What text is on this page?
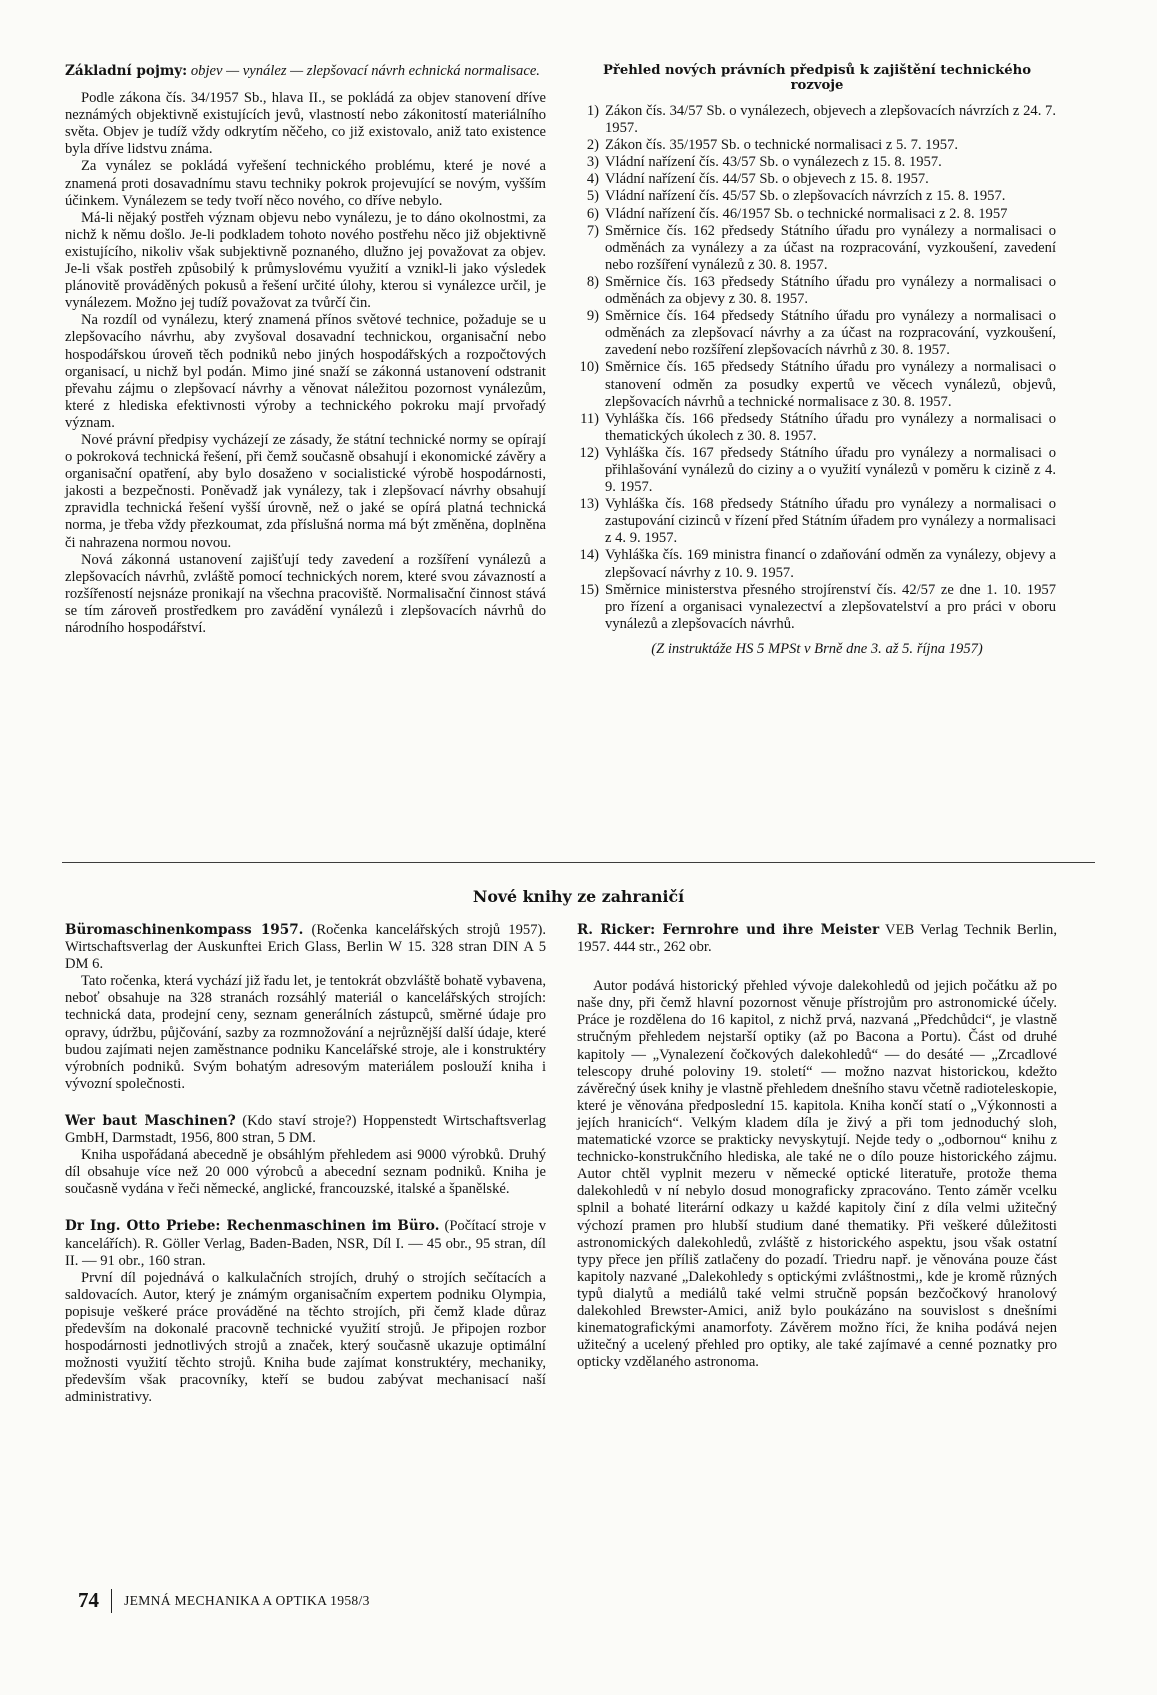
Základní pojmy: objev — vynález — zlepšovací návrh echnická normalisace.

Podle zákona čís. 34/1957 Sb., hlava II., se pokládá za objev stanovení dříve neznámých objektivně existujících jevů, vlastností nebo zákonitostí materiálního světa. Objev je tudíž vždy odkrytím něčeho, co již existovalo, aniž tato existence byla dříve lidstvu známa.

Za vynález se pokládá vyřešení technického problému, které je nové a znamená proti dosavadnímu stavu techniky pokrok projevující se novým, vyšším účinkem. Vynálezem se tedy tvoří něco nového, co dříve nebylo.

Má-li nějaký postřeh význam objevu nebo vynálezu, je to dáno okolnostmi, za nichž k němu došlo. Je-li podkladem tohoto nového postřehu něco již objektivně existujícího, nikoliv však subjektivně poznaného, dlužno jej považovat za objev. Je-li však postřeh způsobilý k průmyslovému využití a vznikl-li jako výsledek plánovitě prováděných pokusů a řešení určité úlohy, kterou si vynálezce určil, je vynálezem. Možno jej tudíž považovat za tvůrčí čin.

Na rozdíl od vynálezu, který znamená přínos světové technice, požaduje se u zlepšovacího návrhu, aby zvyšoval dosavadní technickou, organisační nebo hospodářskou úroveň těch podniků nebo jiných hospodářských a rozpočtových organisací, u nichž byl podán. Mimo jiné snaží se zákonná ustanovení odstranit převahu zájmu o zlepšovací návrhy a věnovat náležitou pozornost vynálezům, které z hlediska efektivnosti výroby a technického pokroku mají prvořadý význam.

Nové právní předpisy vycházejí ze zásady, že státní technické normy se opírají o pokroková technická řešení, při čemž současně obsahují i ekonomické závěry a organisační opatření, aby bylo dosaženo v socialistické výrobě hospodárnosti, jakosti a bezpečnosti. Poněvadž jak vynálezy, tak i zlepšovací návrhy obsahují zpravidla technická řešení vyšší úrovně, než o jaké se opírá platná technická norma, je třeba vždy přezkoumat, zda příslušná norma má být změněna, doplněna či nahrazena normou novou.

Nová zákonná ustanovení zajišťují tedy zavedení a rozšíření vynálezů a zlepšovacích návrhů, zvláště pomocí technických norem, které svou závazností a rozšířeností nejsnáze pronikají na všechna pracoviště. Normalisační činnost stává se tím zároveň prostředkem pro zavádění vynálezů i zlepšovacích návrhů do národního hospodářství.

Přehled nových právních předpisů k zajištění technického rozvoje
1) Zákon čís. 34/57 Sb. o vynálezech, objevech a zlepšovacích návrzích z 24. 7. 1957.
2) Zákon čís. 35/1957 Sb. o technické normalisaci z 5. 7. 1957.
3) Vládní nařízení čís. 43/57 Sb. o vynálezech z 15. 8. 1957.
4) Vládní nařízení čís. 44/57 Sb. o objevech z 15. 8. 1957.
5) Vládní nařízení čís. 45/57 Sb. o zlepšovacích návrzích z 15. 8. 1957.
6) Vládní nařízení čís. 46/1957 Sb. o technické normalisaci z 2. 8. 1957
7) Směrnice čís. 162 předsedy Státního úřadu pro vynálezy a normalisaci o odměnách za vynálezy a za účast na rozpracování, vyzkoušení, zavedení nebo rozšíření vynálezů z 30. 8. 1957.
8) Směrnice čís. 163 předsedy Státního úřadu pro vynálezy a normalisaci o odměnách za objevy z 30. 8. 1957.
9) Směrnice čís. 164 předsedy Státního úřadu pro vynálezy a normalisaci o odměnách za zlepšovací návrhy a za účast na rozpracování, vyzkoušení, zavedení nebo rozšíření zlepšovacích návrhů z 30. 8. 1957.
10) Směrnice čís. 165 předsedy Státního úřadu pro vynálezy a normalisaci o stanovení odměn za posudky expertů ve věcech vynálezů, objevů, zlepšovacích návrhů a technické normalisace z 30. 8. 1957.
11) Vyhláška čís. 166 předsedy Státního úřadu pro vynálezy a normalisaci o thematických úkolech z 30. 8. 1957.
12) Vyhláška čís. 167 předsedy Státního úřadu pro vynálezy a normalisaci o přihlašování vynálezů do ciziny a o využití vynálezů v poměru k cizině z 4. 9. 1957.
13) Vyhláška čís. 168 předsedy Státního úřadu pro vynálezy a normalisaci o zastupování cizinců v řízení před Státním úřadem pro vynálezy a normalisaci z 4. 9. 1957.
14) Vyhláška čís. 169 ministra financí o zdaňování odměn za vynálezy, objevy a zlepšovací návrhy z 10. 9. 1957.
15) Směrnice ministerstva přesného strojírenství čís. 42/57 ze dne 1. 10. 1957 pro řízení a organisaci vynalezectví a zlepšovatelství a pro práci v oboru vynálezů a zlepšovacích návrhů.

(Z instruktáže HS 5 MPSt v Brně dne 3. až 5. října 1957)

Nové knihy ze zahraničí

Büromaschinenkompass 1957. (Ročenka kancelářských strojů 1957). Wirtschaftsverlag der Auskunftei Erich Glass, Berlin W 15. 328 stran DIN A 5 DM 6.

Tato ročenka, která vychází již řadu let, je tentokrát obzvláště bohatě vybavena, neboť obsahuje na 328 stranách rozsáhlý materiál o kancelářských strojích: technická data, prodejní ceny, seznam generálních zástupců, směrné údaje pro opravy, údržbu, půjčování, sazby za rozmnožování a nejrůznější další údaje, které budou zajímati nejen zaměstnance podniku Kancelářské stroje, ale i konstruktéry výrobních podniků. Svým bohatým adresovým materiálem poslouží kniha i vývozní společnosti.

Wer baut Maschinen? (Kdo staví stroje?) Hoppenstedt Wirtschaftsverlag GmbH, Darmstadt, 1956, 800 stran, 5 DM.

Kniha uspořádaná abecedně je obsáhlým přehledem asi 9000 výrobků. Druhý díl obsahuje více než 20 000 výrobců a abecední seznam podniků. Kniha je současně vydána v řeči německé, anglické, francouzské, italské a španělské.

Dr Ing. Otto Priebe: Rechenmaschinen im Büro. (Počítací stroje v kancelářích). R. Göller Verlag, Baden-Baden, NSR, Díl I. — 45 obr., 95 stran, díl II. — 91 obr., 160 stran.

První díl pojednává o kalkulačních strojích, druhý o strojích sečítacích a saldovacích. Autor, který je známým organisačním expertem podniku Olympia, popisuje veškeré práce prováděné na těchto strojích, při čemž klade důraz především na dokonalé pracovně technické využití strojů. Je připojen rozbor hospodárnosti jednotlivých strojů a značek, který současně ukazuje optimální možnosti využití těchto strojů. Kniha bude zajímat konstruktéry, mechaniky, především však pracovníky, kteří se budou zabývat mechanisací naší administrativy.

R. Ricker: Fernrohre und ihre Meister VEB Verlag Technik Berlin, 1957. 444 str., 262 obr.

Autor podává historický přehled vývoje dalekohledů od jejich počátku až po naše dny, při čemž hlavní pozornost věnuje přístrojům pro astronomické účely. Práce je rozdělena do 16 kapitol, z nichž prvá, nazvaná „Předchůdci“, je vlastně stručným přehledem nejstarší optiky (až po Bacona a Portu). Část od druhé kapitoly — „Vynalezení čočkových dalekohledů“ — do desáté — „Zrcadlové telescopy druhé poloviny 19. století“ — možno nazvat historickou, kdežto závěrečný úsek knihy je vlastně přehledem dnešního stavu včetně radioteleskopie, které je věnována předposlední 15. kapitola. Kniha končí statí o „Výkonnosti a jejích hranicích“. Velkým kladem díla je živý a při tom jednoduchý sloh, matematické vzorce se prakticky nevyskytují. Nejde tedy o „odbornou“ knihu z technicko-konstrukčního hlediska, ale také ne o dílo pouze historického zájmu. Autor chtěl vyplnit mezeru v německé optické literatuře, protože thema dalekohledů v ní nebylo dosud monograficky zpracováno. Tento záměr vcelku splnil a bohaté literární odkazy u každé kapitoly činí z díla velmi užitečný výchozí pramen pro hlubší studium dané thematiky. Při veškeré důležitosti astronomických dalekohledů, zvláště z historického aspektu, jsou však ostatní typy přece jen příliš zatlačeny do pozadí. Triedru např. je věnována pouze část kapitoly nazvané „Dalekohledy s optickými zvláštnostmi,, kde je kromě různých typů dialytů a mediálů také velmi stručně popsán bezčočkový hranolový dalekohled Brewster-Amici, aniž bylo poukázáno na souvislost s dnešními kinematografickými anamorfoty. Závěrem možno říci, že kniha podává nejen užitečný a ucelený přehled pro optiky, ale také zajímavé a cenné poznatky pro opticky vzdělaného astronoma.

74 JEMNÁ MECHANIKA A OPTIKA 1958/3
